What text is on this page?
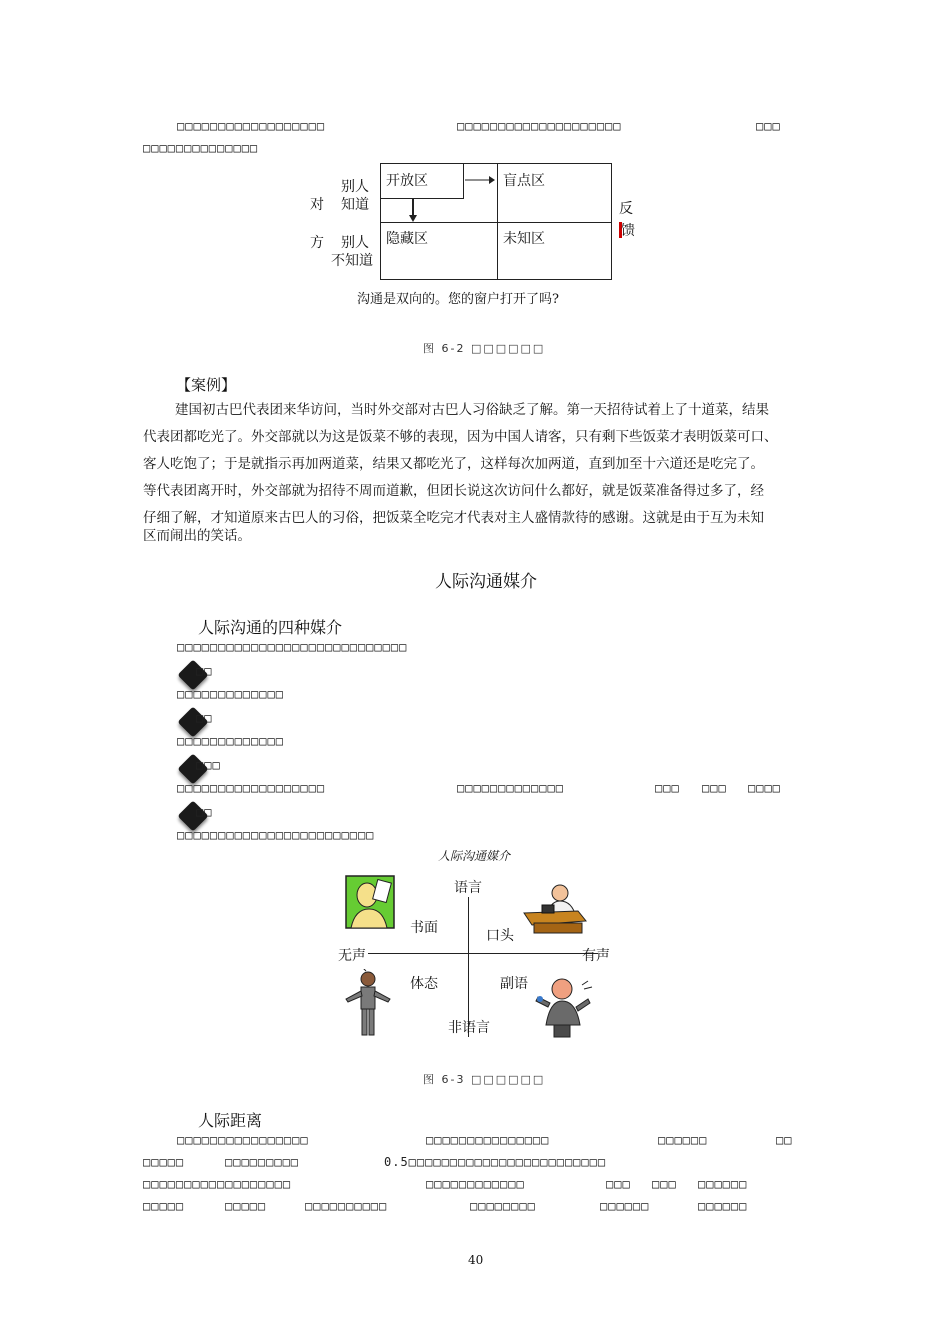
□□□□□□□□□□□□□□□□□□	□□□□□□□□□□□□□□□□□□□□	□□□
□□□□□□□□□□□□□□
别人
对 知道
方 别人
不知道
开放区	盲点区
隐藏区	未知区
反
馈
沟通是双向的。您的窗户打开了吗?
图 6-2 □□□□□□
【案例】
建国初古巴代表团来华访问，当时外交部对古巴人习俗缺乏了解。第一天招待试着上了十道菜，结果
代表团都吃光了。外交部就以为这是饭菜不够的表现，因为中国人请客，只有剩下些饭菜才表明饭菜可口、
客人吃饱了；于是就指示再加两道菜，结果又都吃光了，这样每次加两道，直到加至十六道还是吃完了。
等代表团离开时，外交部就为招待不周而道歉，但团长说这次访问什么都好，就是饭菜准备得过多了，经
仔细了解，才知道原来古巴人的习俗，把饭菜全吃完才代表对主人盛情款待的感谢。这就是由于互为未知
区而闹出的笑话。
人际沟通媒介
人际沟通的四种媒介
□□□□□□□□□□□□□□□□□□□□□□□□□□□□
□□
□□□□□□□□□□□□□
□□
□□□□□□□□□□□□□
□□□
□□□□□□□□□□□□□□□□□□	□□□□□□□□□□□□□	□□□ □□□ □□□□
□□
□□□□□□□□□□□□□□□□□□□□□□□□
人际沟通媒介
语言
非语言
无声	有声
书面	口头
体态	副语
图 6-3 □□□□□□
人际距离
□□□□□□□□□□□□□□□□	□□□□□□□□□□□□□□□	□□□□□□	□□
□□□□□	□□□□□□□□□	0.5□□□□□□□□□□□□□□□□□□□□□□□□
□□□□□□□□□□□□□□□□□□	□□□□□□□□□□□□	□□□ □□□ □□□□□□
□□□□□	□□□□□	□□□□□□□□□□	□□□□□□□□	□□□□□□	□□□□□□
40
